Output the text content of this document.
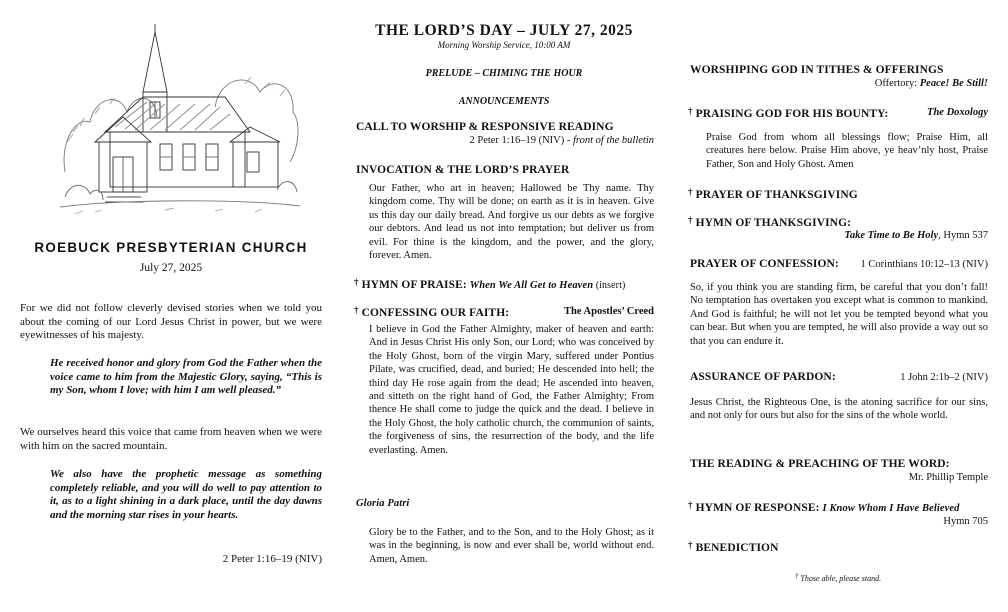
ROEBUCK PRESBYTERIAN CHURCH
July 27, 2025
For we did not follow cleverly devised stories when we told you about the coming of our Lord Jesus Christ in power, but we were eyewitnesses of his majesty.
He received honor and glory from God the Father when the voice came to him from the Majestic Glory, saying, “This is my Son, whom I love; with him I am well pleased.”
We ourselves heard this voice that came from heaven when we were with him on the sacred mountain.
We also have the prophetic message as something completely reliable, and you will do well to pay attention to it, as to a light shining in a dark place, until the day dawns and the morning star rises in your hearts.
2 Peter 1:16–19 (NIV)
THE LORD’S DAY – JULY 27, 2025
Morning Worship Service, 10:00 AM
PRELUDE – CHIMING THE HOUR
ANNOUNCEMENTS
CALL TO WORSHIP & RESPONSIVE READING
2 Peter 1:16–19 (NIV) - front of the bulletin
INVOCATION & THE LORD’S PRAYER
Our Father, who art in heaven; Hallowed be Thy name. Thy kingdom come. Thy will be done; on earth as it is in heaven. Give us this day our daily bread. And forgive us our debts as we forgive our debtors. And lead us not into temptation; but deliver us from evil. For thine is the kingdom, and the power, and the glory, forever. Amen.
† HYMN OF PRAISE: When We All Get to Heaven (insert)
† CONFESSING OUR FAITH:	The Apostles’ Creed
I believe in God the Father Almighty, maker of heaven and earth: And in Jesus Christ His only Son, our Lord; who was conceived by the Holy Ghost, born of the virgin Mary, suffered under Pontius Pilate, was crucified, dead, and buried; He descended into hell; the third day He rose again from the dead; He ascended into heaven, and sitteth on the right hand of God, the Father Almighty; From thence He shall come to judge the quick and the dead. I believe in the Holy Ghost, the holy catholic church, the communion of saints, the forgiveness of sins, the resurrection of the body, and the life everlasting. Amen.
Gloria Patri
Glory be to the Father, and to the Son, and to the Holy Ghost; as it was in the beginning, is now and ever shall be, world without end. Amen, Amen.
WORSHIPING GOD IN TITHES & OFFERINGS
Offertory: Peace! Be Still!
† PRAISING GOD FOR HIS BOUNTY:	The Doxology
Praise God from whom all blessings flow; Praise Him, all creatures here below. Praise Him above, ye heav’nly host, Praise Father, Son and Holy Ghost. Amen
† PRAYER OF THANKSGIVING
† HYMN OF THANKSGIVING:
Take Time to Be Holy, Hymn 537
PRAYER OF CONFESSION: 1 Corinthians 10:12–13 (NIV)
So, if you think you are standing firm, be careful that you don’t fall! No temptation has overtaken you except what is common to mankind. And God is faithful; he will not let you be tempted beyond what you can bear. But when you are tempted, he will also provide a way out so that you can endure it.
ASSURANCE OF PARDON:	1 John 2:1b–2 (NIV)
Jesus Christ, the Righteous One, is the atoning sacrifice for our sins, and not only for ours but also for the sins of the whole world.
THE READING & PREACHING OF THE WORD:
Mr. Phillip Temple
† HYMN OF RESPONSE: I Know Whom I Have Believed
Hymn 705
† BENEDICTION
† Those able, please stand.
